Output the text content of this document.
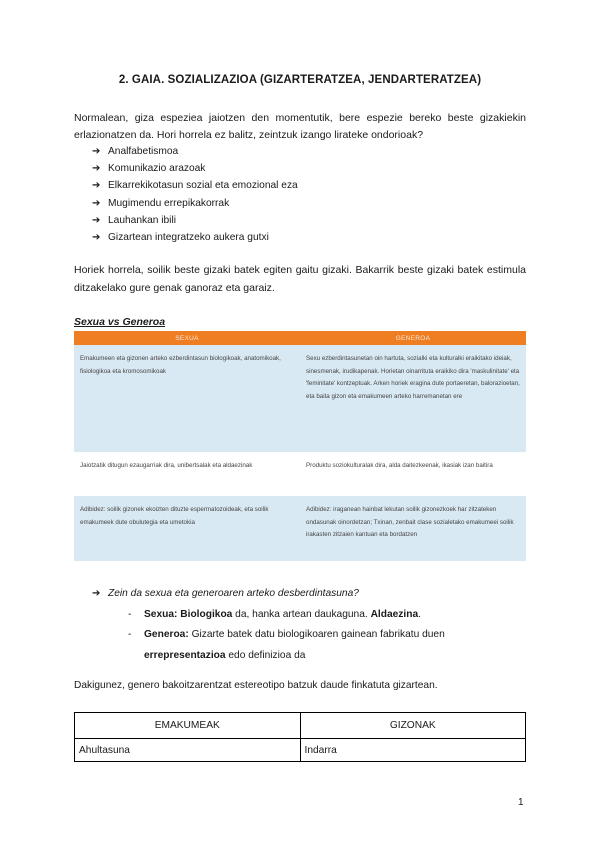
2. GAIA. SOZIALIZAZIOA (GIZARTERATZEA, JENDARTERATZEA)
Normalean, giza espeziea jaiotzen den momentutik, bere espezie bereko beste gizakiekin erlazionatzen da. Hori horrela ez balitz, zeintzuk izango lirateke ondorioak?
➔ Analfabetismoa
➔ Komunikazio arazoak
➔ Elkarrekikotasun sozial eta emozional eza
➔ Mugimendu errepikakorrak
➔ Lauhankan ibili
➔ Gizartean integratzeko aukera gutxi
Horiek horrela, soilik beste gizaki batek egiten gaitu gizaki. Bakarrik beste gizaki batek estimula ditzakelako gure genak ganoraz eta garaiz.
Sexua vs Generoa
SEXUA	GENEROA
Emakumeen eta gizonen arteko ezberdintasun biologikoak, anatomikoak, fisiologikoa eta kromosomikoak	Sexu ezberdintasunetan oin hartuta, sozialki eta kulturalki eraikitako ideiak, sinesmenak, irudikapenak. Horietan oinarrituta eraikiko dira 'maskulinitate' eta 'feminitate' kontzeptuak. Arken horiek eragina dute portaeretan, balorazioetan, eta baita gizon eta emakumeen arteko harremanetan ere
Jaiotzatik ditugun ezaugarriak dira, unibertsalak eta aldaezinak	Produktu soziokulturalak dira, alda daitezkeenak, ikasiak izan baitira
Adibidez: soilik gizonek ekoizten dituzte espermatozoideak, eta soilik emakumeek dute obulutegia eta umetokia	Adibidez: iraganean hainbat lekutan soilik gizonezkoek har zitzateken ondasunak oinordetzan; Txinan, zenbait clase sozialetako emakumeei soilik irakasten zitzaien kantuan eta bordatzen
➔ Zein da sexua eta generoaren arteko desberdintasuna?
- Sexua: Biologikoa da, hanka artean daukaguna. Aldaezina.
- Generoa: Gizarte batek datu biologikoaren gainean fabrikatu duen
errepresentazioa edo definizioa da
Dakigunez, genero bakoitzarentzat estereotipo batzuk daude finkatuta gizartean.
EMAKUMEAK	GIZONAK
Ahultasuna	Indarra
1
